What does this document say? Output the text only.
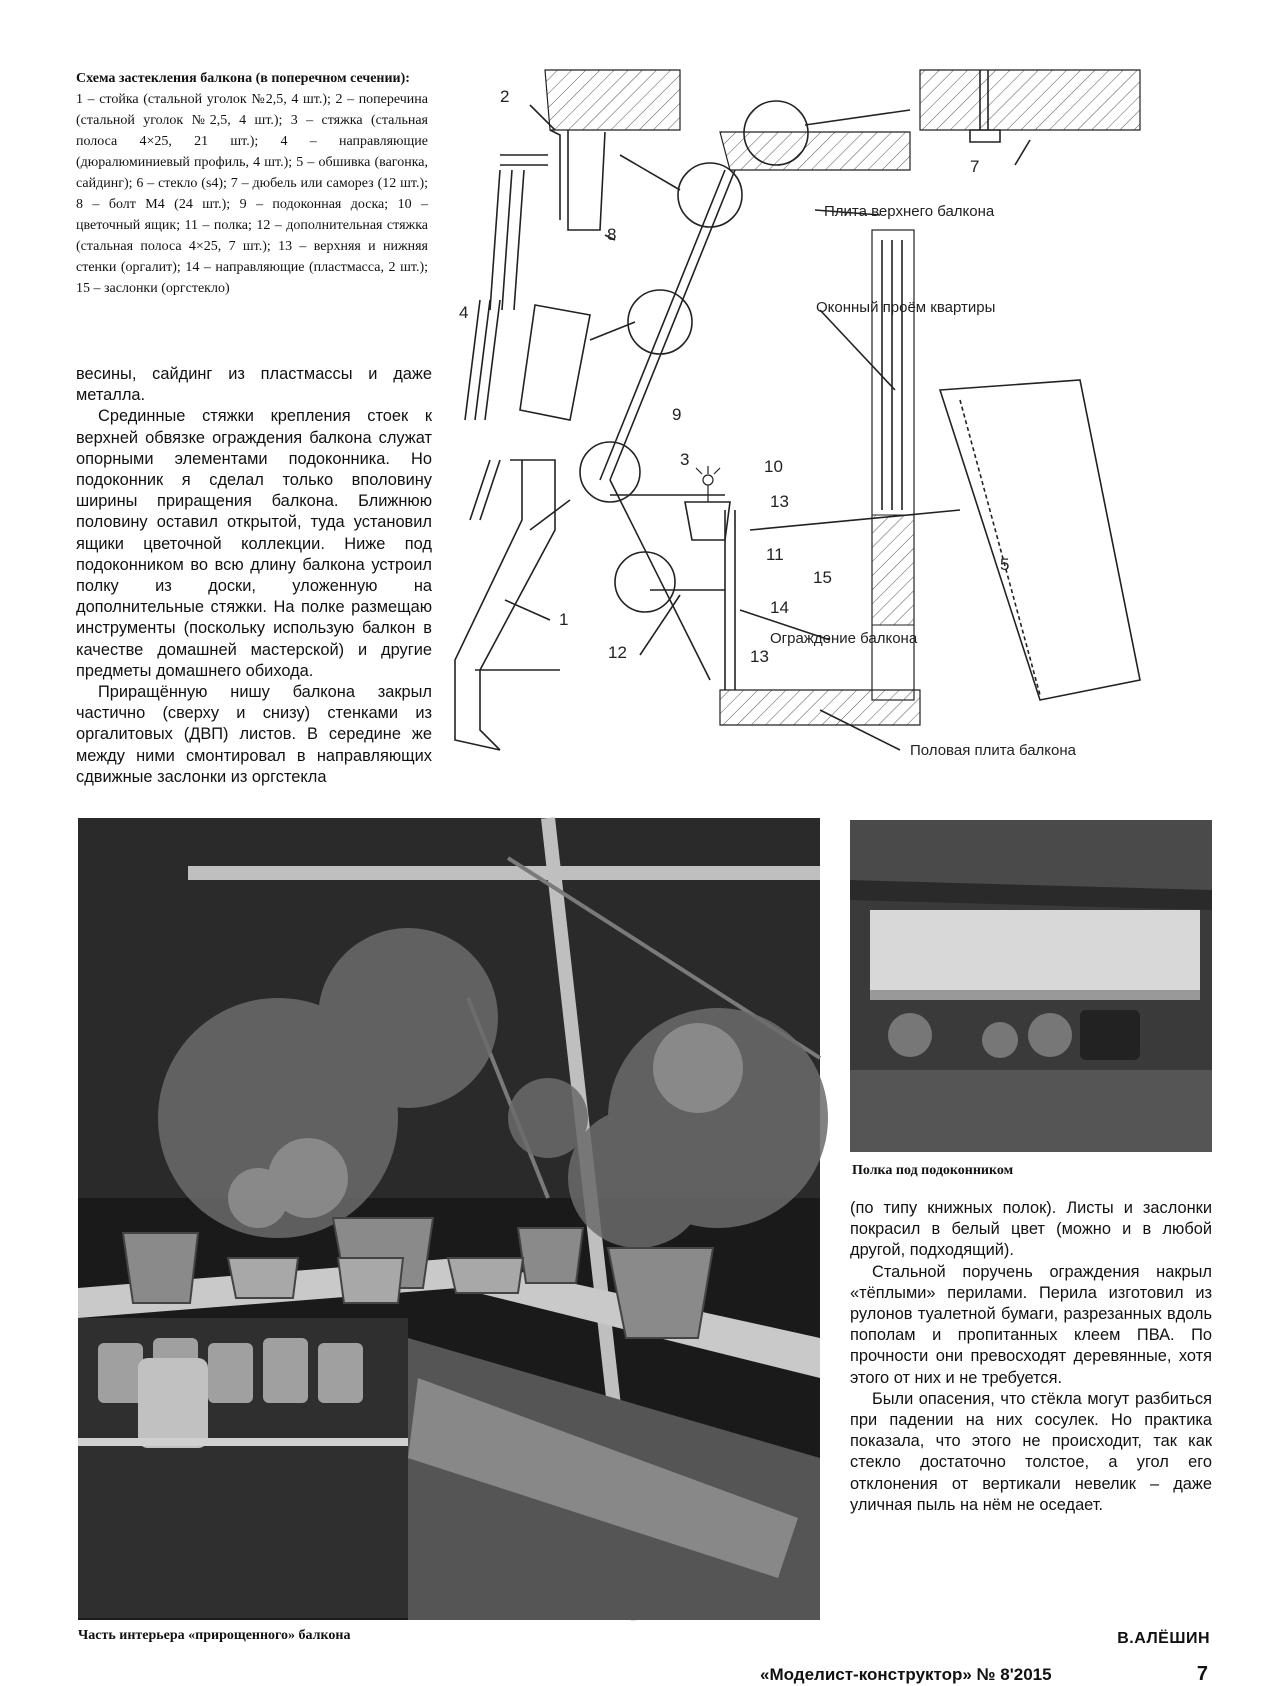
Схема застекления балкона (в поперечном сечении):
1 – стойка (стальной уголок №2,5, 4 шт.); 2 – поперечина (стальной уголок №2,5, 4 шт.); 3 – стяжка (стальная полоса 4×25, 21 шт.); 4 – направляющие (дюралюминиевый профиль, 4 шт.); 5 – обшивка (вагонка, сайдинг); 6 – стекло (s4); 7 – дюбель или саморез (12 шт.); 8 – болт М4 (24 шт.); 9 – подоконная доска; 10 – цветочный ящик; 11 – полка; 12 – дополнительная стяжка (стальная полоса 4×25, 7 шт.); 13 – верхняя и нижняя стенки (оргалит); 14 – направляющие (пластмасса, 2 шт.); 15 – заслонки (оргстекло)

весины, сайдинг из пластмассы и даже металла.

Срединные стяжки крепления стоек к верхней обвязке ограждения балкона служат опорными элементами подоконника. Но подоконник я сделал только вполовину ширины приращения балкона. Ближнюю половину оставил открытой, туда установил ящики цветочной коллекции. Ниже под подоконником во всю длину балкона устроил полку из доски, уложенную на дополнительные стяжки. На полке размещаю инструменты (поскольку использую балкон в качестве домашней мастерской) и другие предметы домашнего обихода.

Приращённую нишу балкона закрыл частично (сверху и снизу) стенками из оргалитовых (ДВП) листов. В середине же между ними смонтировал в направляющих сдвижные заслонки из оргстекла

Плита верхнего балкона
Оконный проём квартиры
Ограждение балкона
Половая плита балкона
2
8
4
1
7
9
3	10
13
11
15
14
12	13
5
Часть интерьера «прирощенного» балкона
Полка под подоконником

(по типу книжных полок). Листы и заслонки покрасил в белый цвет (можно и в любой другой, подходящий).

Стальной поручень ограждения накрыл «тёплыми» перилами. Перила изготовил из рулонов туалетной бумаги, разрезанных вдоль пополам и пропитанных клеем ПВА. По прочности они превосходят деревянные, хотя этого от них и не требуется.

Были опасения, что стёкла могут разбиться при падении на них сосулек. Но практика показала, что этого не происходит, так как стекло достаточно толстое, а угол его отклонения от вертикали невелик – даже уличная пыль на нём не оседает.

В.АЛЁШИН
«Моделист-конструктор» № 8'2015	7
